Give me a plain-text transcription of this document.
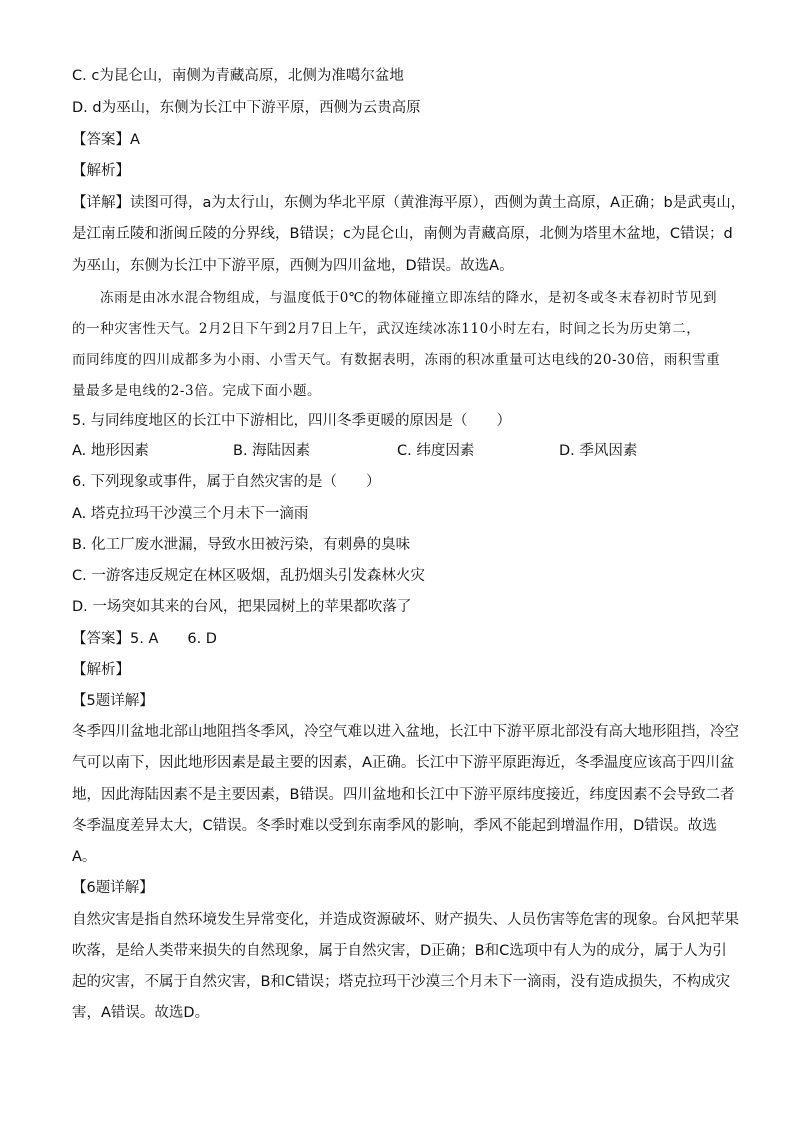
C. c为昆仑山，南侧为青藏高原，北侧为准噶尔盆地
D. d为巫山，东侧为长江中下游平原，西侧为云贵高原
【答案】A
【解析】
【详解】读图可得，a为太行山，东侧为华北平原（黄淮海平原），西侧为黄土高原，A正确；b是武夷山，
是江南丘陵和浙闽丘陵的分界线，B错误；c为昆仑山，南侧为青藏高原，北侧为塔里木盆地，C错误；d
为巫山，东侧为长江中下游平原，西侧为四川盆地，D错误。故选A。
冻雨是由冰水混合物组成，与温度低于0℃的物体碰撞立即冻结的降水，是初冬或冬末春初时节见到
的一种灾害性天气。2月2日下午到2月7日上午，武汉连续冰冻110小时左右，时间之长为历史第二，
而同纬度的四川成都多为小雨、小雪天气。有数据表明，冻雨的积冰重量可达电线的20-30倍，雨积雪重
量最多是电线的2-3倍。完成下面小题。
5. 与同纬度地区的长江中下游相比，四川冬季更暖的原因是（　　）
A. 地形因素	B. 海陆因素	C. 纬度因素	D. 季风因素
6. 下列现象或事件，属于自然灾害的是（　　）
A. 塔克拉玛干沙漠三个月未下一滴雨
B. 化工厂废水泄漏，导致水田被污染，有刺鼻的臭味
C. 一游客违反规定在林区吸烟，乱扔烟头引发森林火灾
D. 一场突如其来的台风，把果园树上的苹果都吹落了
【答案】5. A　　6. D
【解析】
【5题详解】
冬季四川盆地北部山地阻挡冬季风，冷空气难以进入盆地，长江中下游平原北部没有高大地形阻挡，冷空
气可以南下，因此地形因素是最主要的因素，A正确。长江中下游平原距海近，冬季温度应该高于四川盆
地，因此海陆因素不是主要因素，B错误。四川盆地和长江中下游平原纬度接近，纬度因素不会导致二者
冬季温度差异太大，C错误。冬季时难以受到东南季风的影响，季风不能起到增温作用，D错误。故选
A。
【6题详解】
自然灾害是指自然环境发生异常变化，并造成资源破坏、财产损失、人员伤害等危害的现象。台风把苹果
吹落，是给人类带来损失的自然现象，属于自然灾害，D正确；B和C选项中有人为的成分，属于人为引
起的灾害，不属于自然灾害，B和C错误；塔克拉玛干沙漠三个月未下一滴雨，没有造成损失，不构成灾
害，A错误。故选D。
